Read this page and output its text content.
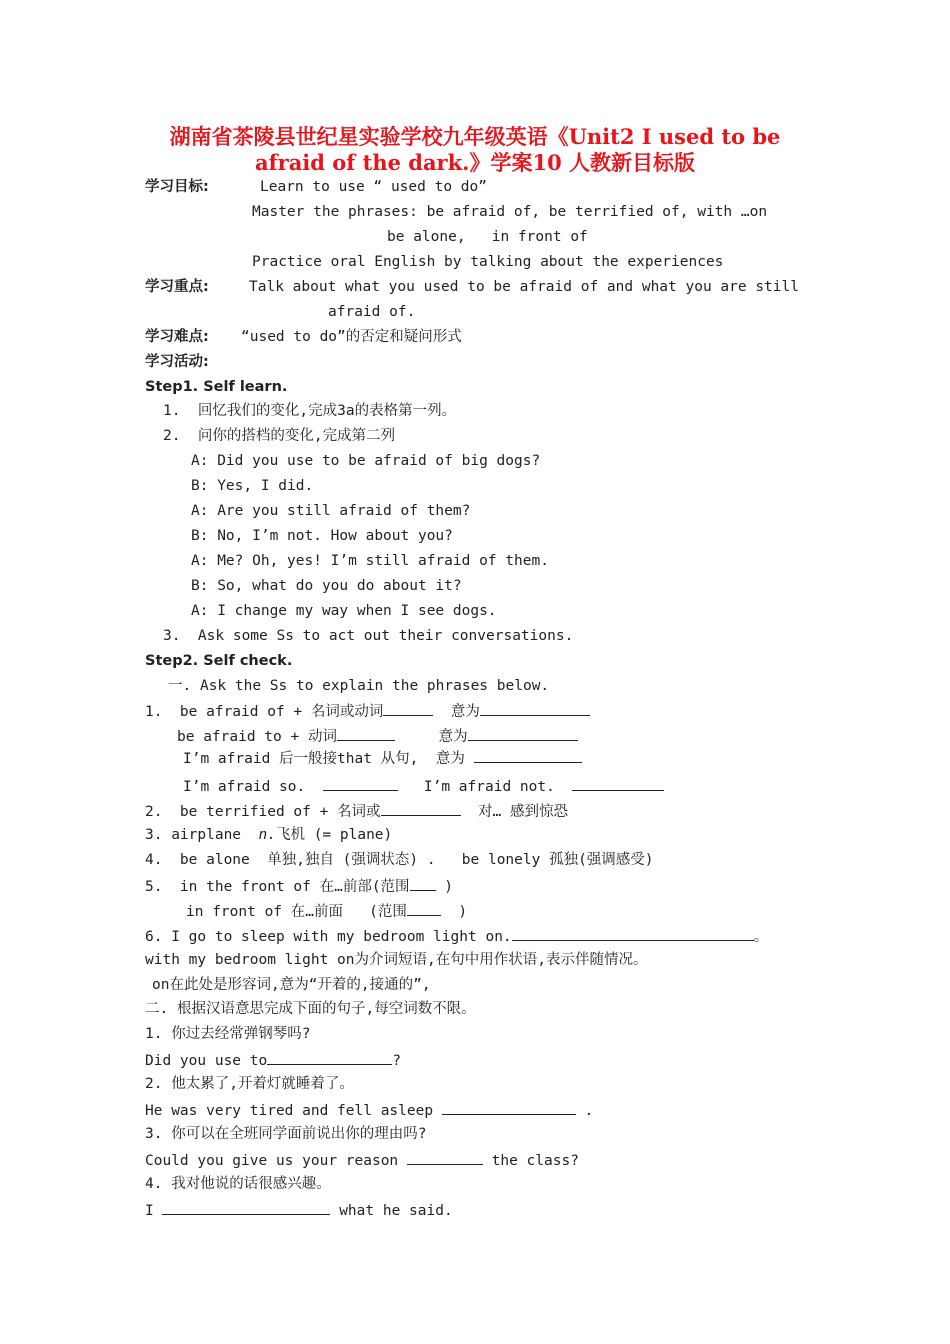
湖南省茶陵县世纪星实验学校九年级英语《Unit2 I used to be
afraid of the dark.》学案10 人教新目标版
学习目标:	Learn to use “ used to do”
Master the phrases: be afraid of, be terrified of, with …on
be alone,   in front of
Practice oral English by talking about the experiences
学习重点:	Talk about what you used to be afraid of and what you are still
afraid of.
学习难点: “used to do”的否定和疑问形式
学习活动:
Step1. Self learn.
1.  回忆我们的变化,完成3a的表格第一列。
2.  问你的搭档的变化,完成第二列
A: Did you use to be afraid of big dogs?
B: Yes, I did.
A: Are you still afraid of them?
B: No, I’m not. How about you?
A: Me? Oh, yes! I’m still afraid of them.
B: So, what do you do about it?
A: I change my way when I see dogs.
3.  Ask some Ss to act out their conversations.
Step2. Self check.
一. Ask the Ss to explain the phrases below.
1.  be afraid of + 名词或动词	意为
be afraid to + 动词	意为
I’m afraid 后一般接that 从句,  意为
I’m afraid so.	I’m afraid not.
2.  be terrified of + 名词或	对… 感到惊恐
3. airplane  n.飞机 (= plane)
4.  be alone  单独,独自 (强调状态) .   be lonely 孤独(强调感受)
5.  in the front of 在…前部(范围 )
in front of 在…前面   (范围	)
6. I go to sleep with my bedroom light on.	。
with my bedroom light on为介词短语,在句中用作状语,表示伴随情况。
on在此处是形容词,意为“开着的,接通的”,
二. 根据汉语意思完成下面的句子,每空词数不限。
1. 你过去经常弹钢琴吗?
Did you use to	?
2. 他太累了,开着灯就睡着了。
He was very tired and fell asleep	.
3. 你可以在全班同学面前说出你的理由吗?
Could you give us your reason	the class?
4. 我对他说的话很感兴趣。
I	what he said.
